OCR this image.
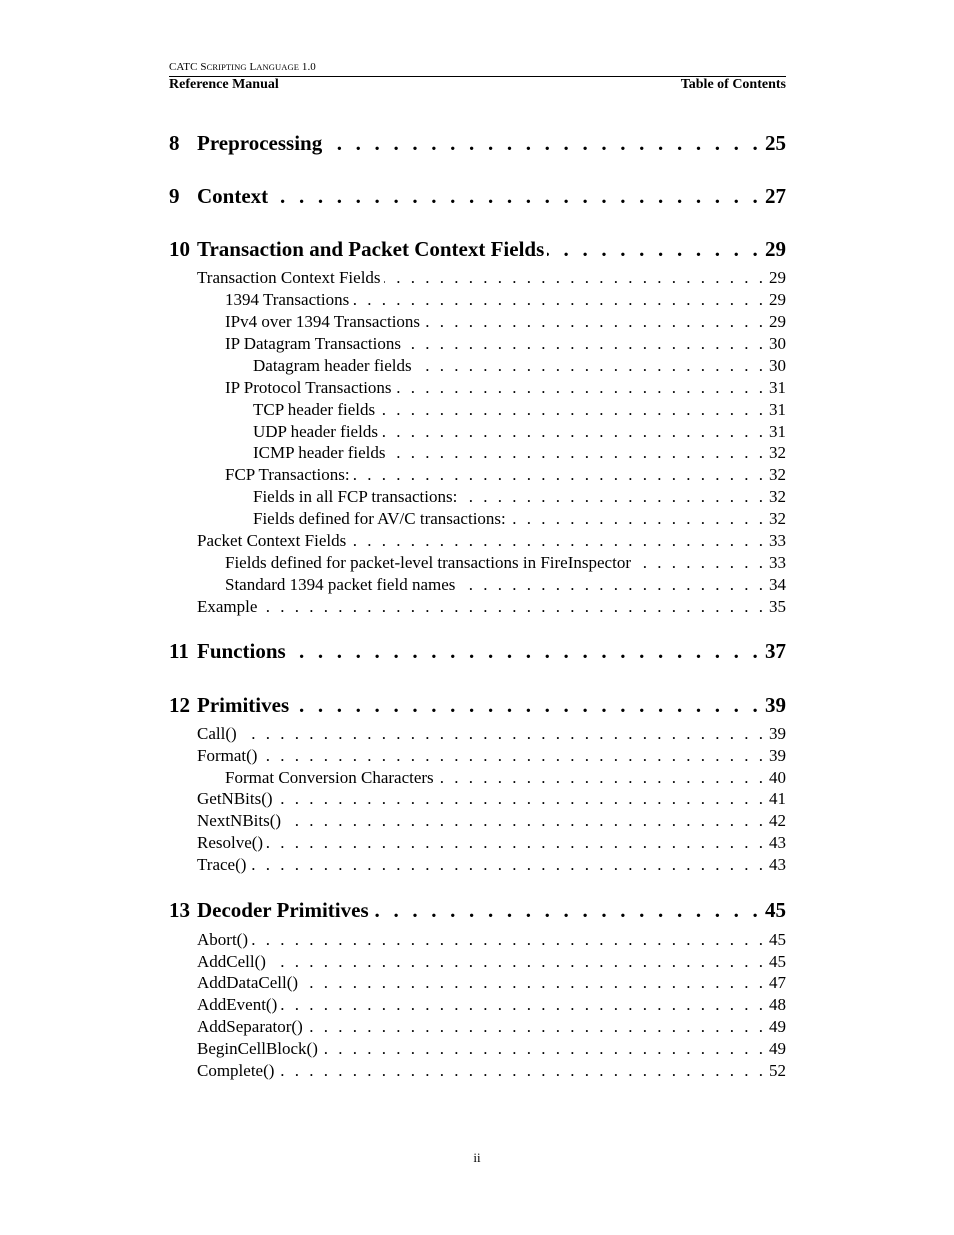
CATC SCRIPTING LANGUAGE 1.0
Reference Manual	Table of Contents
8 Preprocessing . . .	25
9 Context . . .	27
10 Transaction and Packet Context Fields . . .	29
Transaction Context Fields . . .	29
1394 Transactions . . .	29
IPv4 over 1394 Transactions . . .	29
IP Datagram Transactions . . .	30
Datagram header fields . . .	30
IP Protocol Transactions . . .	31
TCP header fields . . .	31
UDP header fields . . .	31
ICMP header fields . . .	32
FCP Transactions: . . .	32
Fields in all FCP transactions: . . .	32
Fields defined for AV/C transactions: . . .	32
Packet Context Fields . . .	33
Fields defined for packet-level transactions in FireInspector . . .	33
Standard 1394 packet field names . . .	34
Example . . .	35
11 Functions . . .	37
12 Primitives . . .	39
Call() . . .	39
Format() . . .	39
Format Conversion Characters . . .	40
GetNBits() . . .	41
NextNBits() . . .	42
Resolve() . . .	43
Trace() . . .	43
13 Decoder Primitives . . .	45
Abort() . . .	45
AddCell() . . .	45
AddDataCell() . . .	47
AddEvent() . . .	48
AddSeparator() . . .	49
BeginCellBlock() . . .	49
Complete() . . .	52
ii
